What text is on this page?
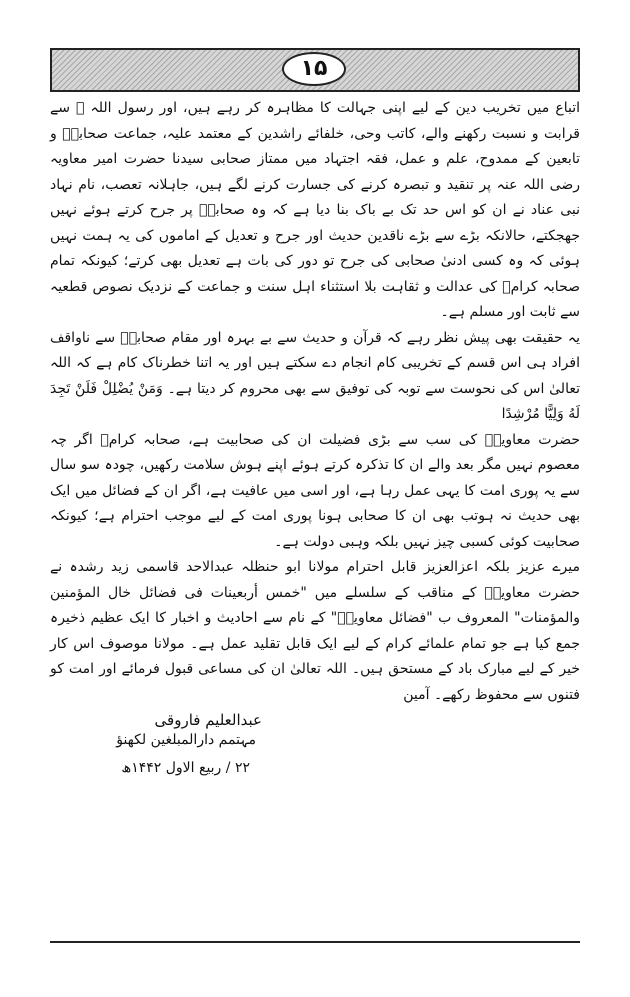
۱۵

اتباع میں تخریب دین کے لیے اپنی جہالت کا مظاہرہ کر رہے ہیں، اور رسول اللہ ﷺ سے قرابت و نسبت رکھنے والے، کاتب وحی، خلفائے راشدین کے معتمد علیہ، جماعت صحابہؓ و تابعین کے ممدوح، علم و عمل، فقہ اجتہاد میں ممتاز صحابی سیدنا حضرت امیر معاویہ رضی اللہ عنہ پر تنقید و تبصرہ کرنے کی جسارت کرنے لگے ہیں، جاہلانہ تعصب، نام نہاد نبی عناد نے ان کو اس حد تک بے باک بنا دیا ہے کہ وہ صحابہؓ پر جرح کرتے ہوئے نہیں جھجکتے، حالانکہ بڑے سے بڑے ناقدین حدیث اور جرح و تعدیل کے اماموں کی یہ ہمت نہیں ہوئی کہ وہ کسی ادنیٰ صحابی کی جرح تو دور کی بات ہے تعدیل بھی کرتے؛ کیونکہ تمام صحابہ کرامؓ کی عدالت و ثقاہت بلا استثناء اہل سنت و جماعت کے نزدیک نصوص قطعیہ سے ثابت اور مسلم ہے۔

یہ حقیقت بھی پیش نظر رہے کہ قرآن و حدیث سے بے بہرہ اور مقام صحابہؓ سے ناواقف افراد ہی اس قسم کے تخریبی کام انجام دے سکتے ہیں اور یہ اتنا خطرناک کام ہے کہ اللہ تعالیٰ اس کی نحوست سے توبہ کی توفیق سے بھی محروم کر دیتا ہے۔ وَمَنْ يُضْلِلْ فَلَنْ تَجِدَ لَهُ وَلِيًّا مُرْشِدًا

حضرت معاویہؓ کی سب سے بڑی فضیلت ان کی صحابیت ہے، صحابہ کرامؓ اگر چہ معصوم نہیں مگر بعد والے ان کا تذکرہ کرتے ہوئے اپنے ہوش سلامت رکھیں، چودہ سو سال سے یہ پوری امت کا یہی عمل رہا ہے، اور اسی میں عافیت ہے، اگر ان کے فضائل میں ایک بھی حدیث نہ ہوتب بھی ان کا صحابی ہونا پوری امت کے لیے موجب احترام ہے؛ کیونکہ صحابیت کوئی کسبی چیز نہیں بلکہ وہبی دولت ہے۔

میرے عزیز بلکہ اعزالعزیز قابل احترام مولانا ابو حنظلہ عبدالاحد قاسمی زید رشدہ نے حضرت معاویہؓ کے مناقب کے سلسلے میں "خمس أربعينات فی فضائل خال المؤمنين والمؤمنات" المعروف ب "فضائل معاویہؓ" کے نام سے احادیث و اخبار کا ایک عظیم ذخیرہ جمع کیا ہے جو تمام علمائے کرام کے لیے ایک قابل تقلید عمل ہے۔ مولانا موصوف اس کار خیر کے لیے مبارک باد کے مستحق ہیں۔ اللہ تعالیٰ ان کی مساعی قبول فرمائے اور امت کو فتنوں سے محفوظ رکھے۔ آمین

عبدالعلیم فاروقی
مہتمم دارالمبلغین لکھنؤ
۲۲ / ربیع الاول ۱۴۴۲ھ
